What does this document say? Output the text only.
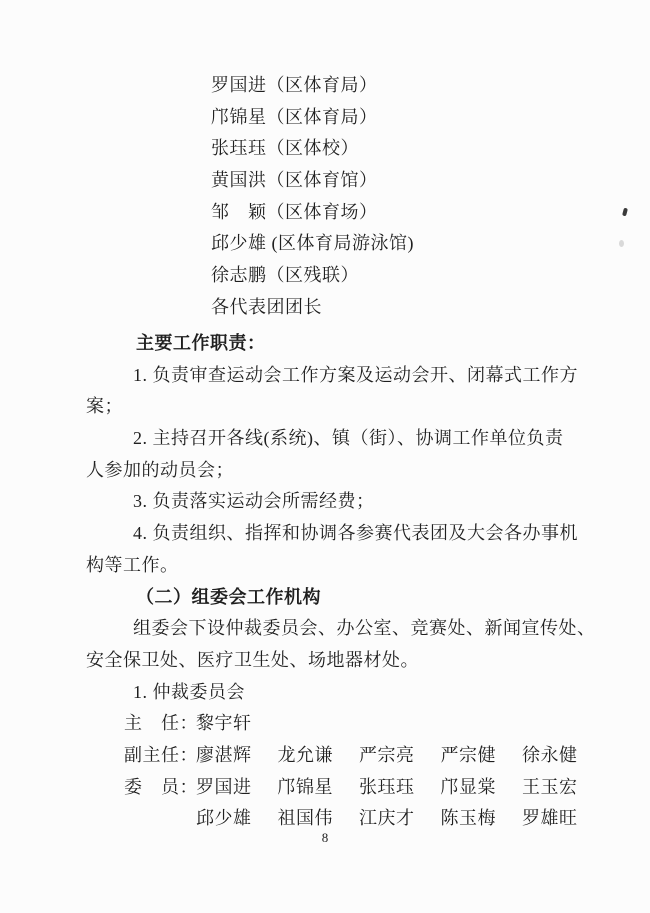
罗国进（区体育局）
邝锦星（区体育局）
张珏珏（区体校）
黄国洪（区体育馆）
邹　颖（区体育场）
邱少雄 (区体育局游泳馆)
徐志鹏（区残联）
各代表团团长
主要工作职责：
1. 负责审查运动会工作方案及运动会开、闭幕式工作方
案；
2. 主持召开各线(系统)、镇（街）、协调工作单位负责
人参加的动员会；
3. 负责落实运动会所需经费；
4. 负责组织、指挥和协调各参赛代表团及大会各办事机
构等工作。
（二）组委会工作机构
组委会下设仲裁委员会、办公室、竞赛处、新闻宣传处、
安全保卫处、医疗卫生处、场地器材处。
1. 仲裁委员会
主　任：
黎宇轩
副主任：
廖湛辉 龙允谦 严宗亮 严宗健 徐永健
委　员：
罗国进 邝锦星 张珏珏 邝显棠 王玉宏
邱少雄 祖国伟 江庆才 陈玉梅 罗雄旺
8
